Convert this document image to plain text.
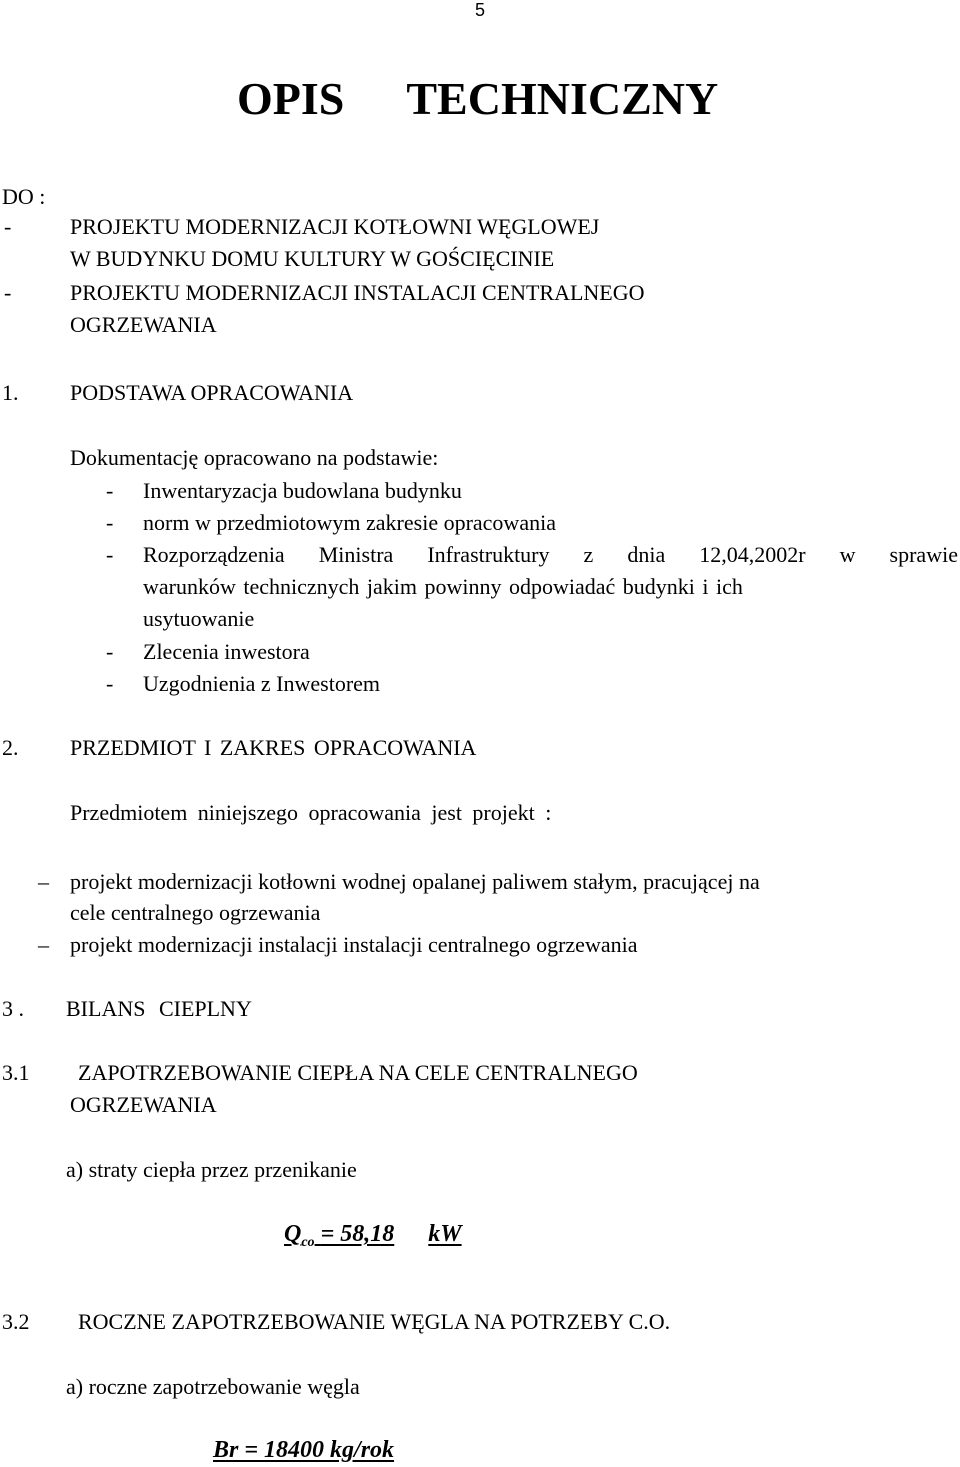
5
OPIS TECHNICZNY
DO :
-	PROJEKTU MODERNIZACJI KOTŁOWNI WĘGLOWEJ
W BUDYNKU DOMU KULTURY W GOŚCIĘCINIE
-	PROJEKTU MODERNIZACJI INSTALACJI CENTRALNEGO
OGRZEWANIA
1. PODSTAWA OPRACOWANIA
Dokumentację opracowano na podstawie:
- Inwentaryzacja budowlana budynku
- norm w przedmiotowym zakresie opracowania
- Rozporządzenia Ministra Infrastruktury z dnia 12,04,2002r w sprawie
warunków technicznych jakim powinny odpowiadać budynki i ich
usytuowanie
- Zlecenia inwestora
- Uzgodnienia z Inwestorem
2. PRZEDMIOT I ZAKRES OPRACOWANIA
Przedmiotem niniejszego opracowania jest projekt :
– projekt modernizacji kotłowni wodnej opalanej paliwem stałym, pracującej na
cele centralnego ogrzewania
– projekt modernizacji instalacji instalacji centralnego ogrzewania
3 . BILANS CIEPLNY
3.1 ZAPOTRZEBOWANIE CIEPŁA NA CELE CENTRALNEGO
OGRZEWANIA
a) straty ciepła przez przenikanie
$Q_{co} = 58,18$ kW
3.2 ROCZNE ZAPOTRZEBOWANIE WĘGLA NA POTRZEBY C.O.
a) roczne zapotrzebowanie węgla
Br = 18400 kg/rok
